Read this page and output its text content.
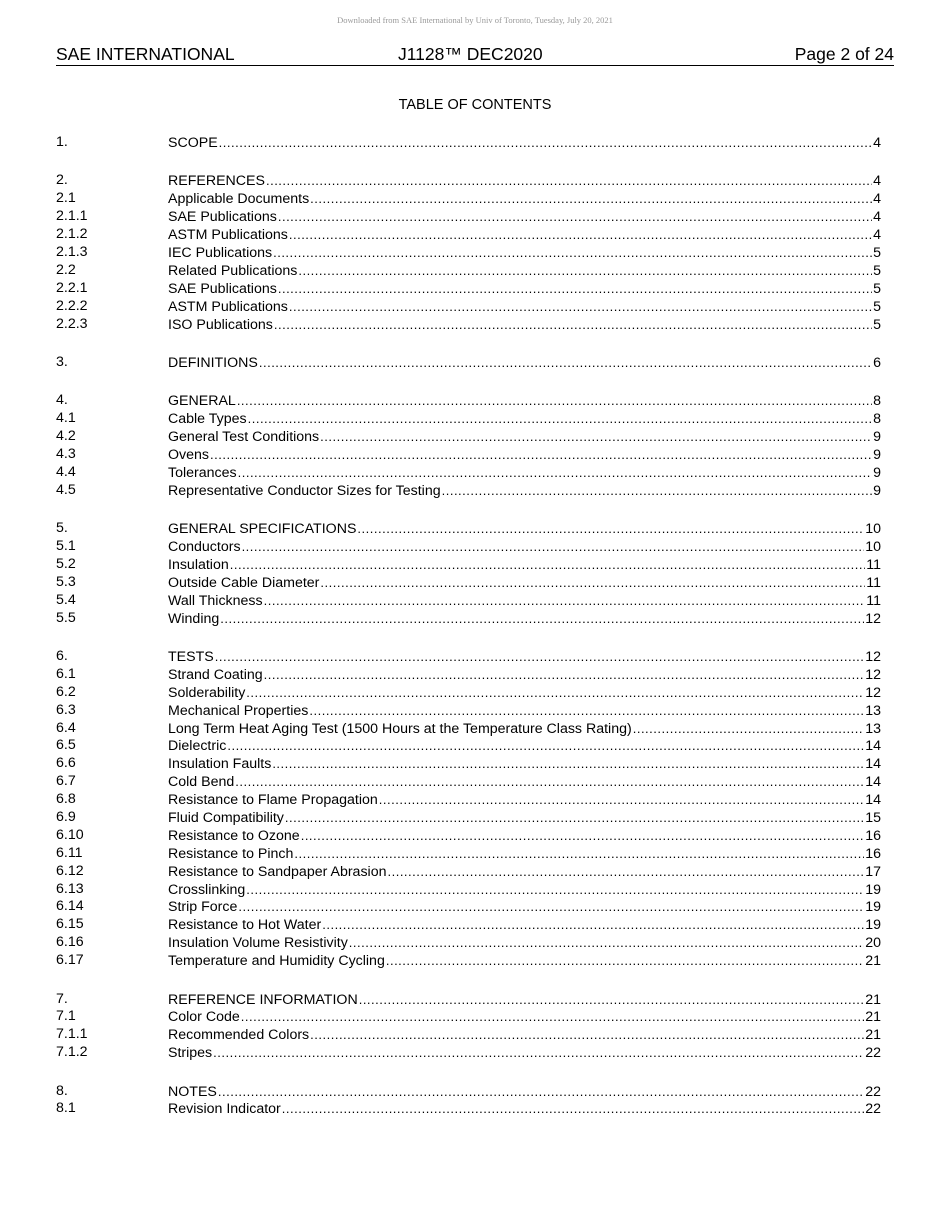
Downloaded from SAE International by Univ of Toronto, Tuesday, July 20, 2021
SAE INTERNATIONAL	J1128™ DEC2020	Page 2 of 24
TABLE OF CONTENTS
1.	SCOPE .....	4
2.	REFERENCES .....	4
2.1	Applicable Documents .....	4
2.1.1	SAE Publications .....	4
2.1.2	ASTM Publications .....	4
2.1.3	IEC Publications .....	5
2.2	Related Publications .....	5
2.2.1	SAE Publications .....	5
2.2.2	ASTM Publications .....	5
2.2.3	ISO Publications .....	5
3.	DEFINITIONS .....	6
4.	GENERAL .....	8
4.1	Cable Types .....	8
4.2	General Test Conditions .....	9
4.3	Ovens .....	9
4.4	Tolerances .....	9
4.5	Representative Conductor Sizes for Testing .....	9
5.	GENERAL SPECIFICATIONS .....	10
5.1	Conductors .....	10
5.2	Insulation .....	11
5.3	Outside Cable Diameter .....	11
5.4	Wall Thickness .....	11
5.5	Winding .....	12
6.	TESTS .....	12
6.1	Strand Coating .....	12
6.2	Solderability .....	12
6.3	Mechanical Properties .....	13
6.4	Long Term Heat Aging Test (1500 Hours at the Temperature Class Rating) .....	13
6.5	Dielectric .....	14
6.6	Insulation Faults .....	14
6.7	Cold Bend .....	14
6.8	Resistance to Flame Propagation .....	14
6.9	Fluid Compatibility .....	15
6.10	Resistance to Ozone .....	16
6.11	Resistance to Pinch .....	16
6.12	Resistance to Sandpaper Abrasion .....	17
6.13	Crosslinking .....	19
6.14	Strip Force .....	19
6.15	Resistance to Hot Water .....	19
6.16	Insulation Volume Resistivity .....	20
6.17	Temperature and Humidity Cycling .....	21
7.	REFERENCE INFORMATION .....	21
7.1	Color Code .....	21
7.1.1	Recommended Colors .....	21
7.1.2	Stripes .....	22
8.	NOTES .....	22
8.1	Revision Indicator .....	22
